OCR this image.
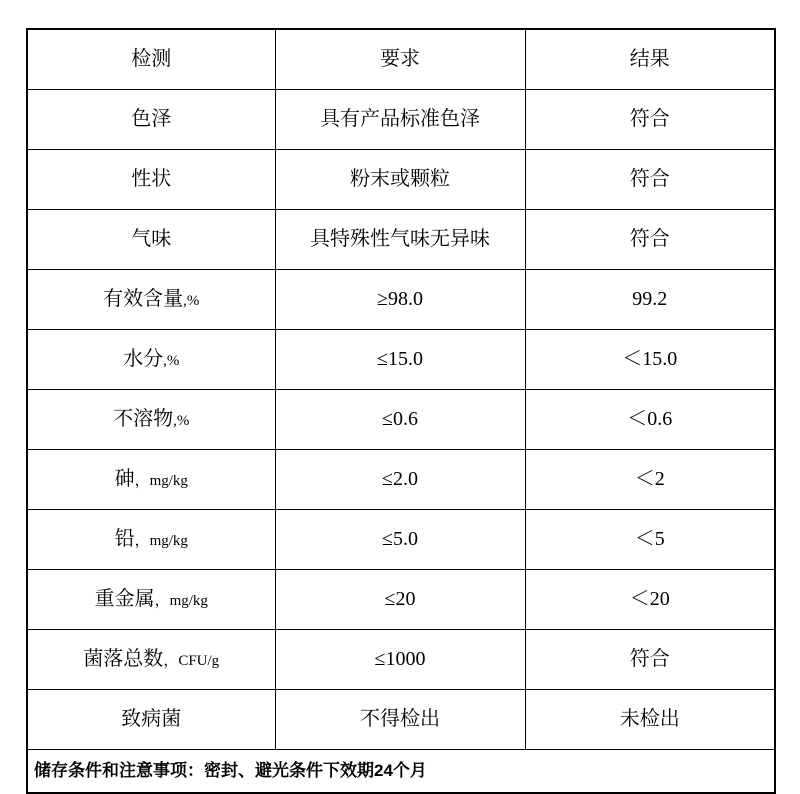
检测	要求	结果

色泽	具有产品标准色泽	符合

性状	粉末或颗粒	符合

气味	具特殊性气味无异味	符合

有效含量,%	≥98.0	99.2

水分,%	≤15.0	＜15.0

不溶物,%	≤0.6	＜0.6

砷，mg/kg	≤2.0	＜2

铅，mg/kg	≤5.0	＜5

重金属，mg/kg	≤20	＜20

菌落总数，CFU/g	≤1000	符合

致病菌	不得检出	未检出
储存条件和注意事项：密封、避光条件下效期24个月		
